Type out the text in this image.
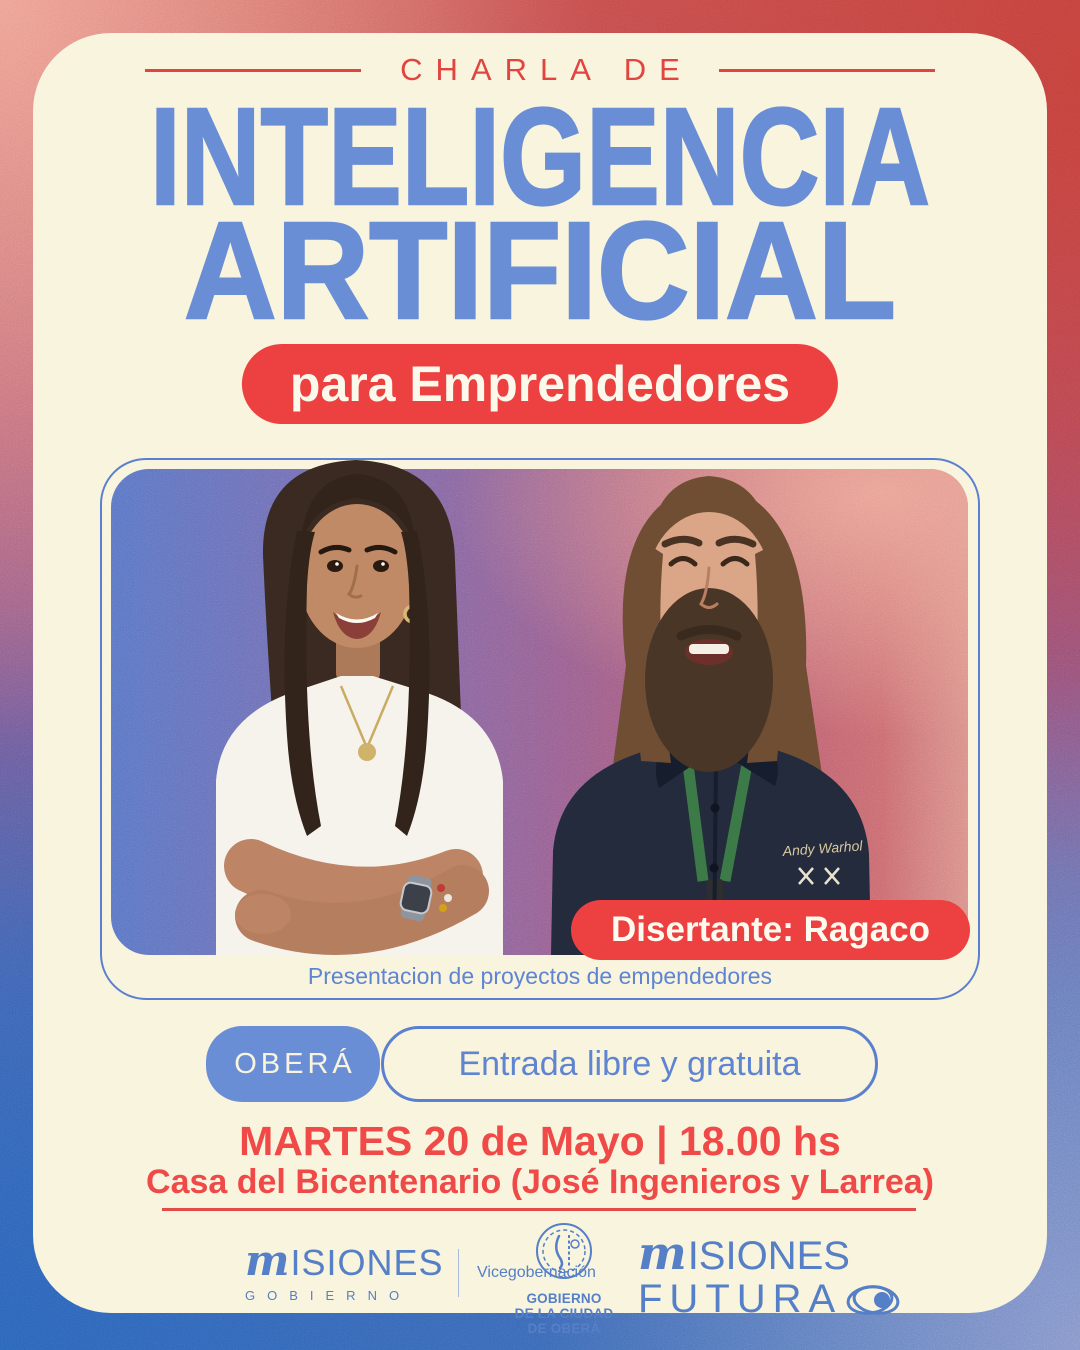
CHARLA DE
INTELIGENCIA
ARTIFICIAL
para Emprendedores
Andy Warhol
Disertante: Ragaco
Presentacion de proyectos de empendedores
OBERÁ	Entrada libre y gratuita
MARTES 20 de Mayo | 18.00 hs
Casa del Bicentenario (José Ingenieros y Larrea)
m ISIONES
GOBIERNO
Vicegobernación
GOBIERNO
DE LA CIUDAD
DE OBERÁ
m ISIONES
FUTURA
